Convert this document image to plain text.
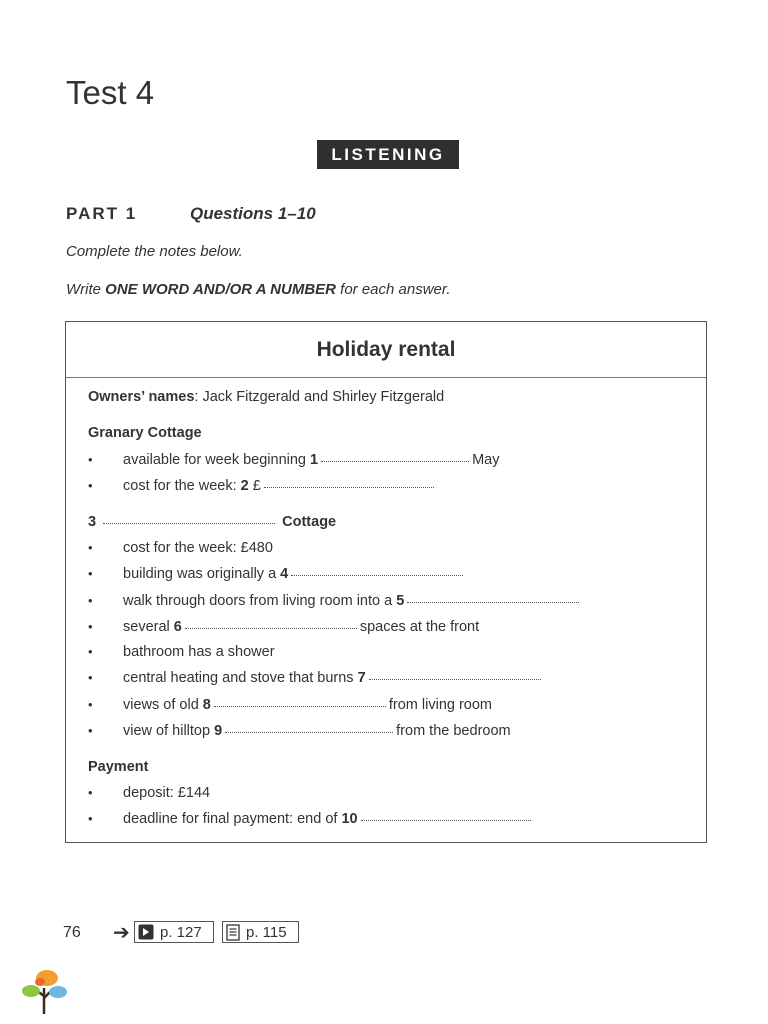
Test 4
LISTENING
PART 1	Questions 1–10
Complete the notes below.
Write ONE WORD AND/OR A NUMBER for each answer.
Holiday rental
Owners’ names: Jack Fitzgerald and Shirley Fitzgerald
Granary Cottage
• available for week beginning 1	May
• cost for the week: 2 £
3	Cottage
• cost for the week: £480
• building was originally a 4
• walk through doors from living room into a 5
• several 6	spaces at the front
• bathroom has a shower
• central heating and stove that burns 7
• views of old 8	from living room
• view of hilltop 9	from the bedroom
Payment
• deposit: £144
• deadline for final payment: end of 10
76 ➔ p. 127	p. 115
